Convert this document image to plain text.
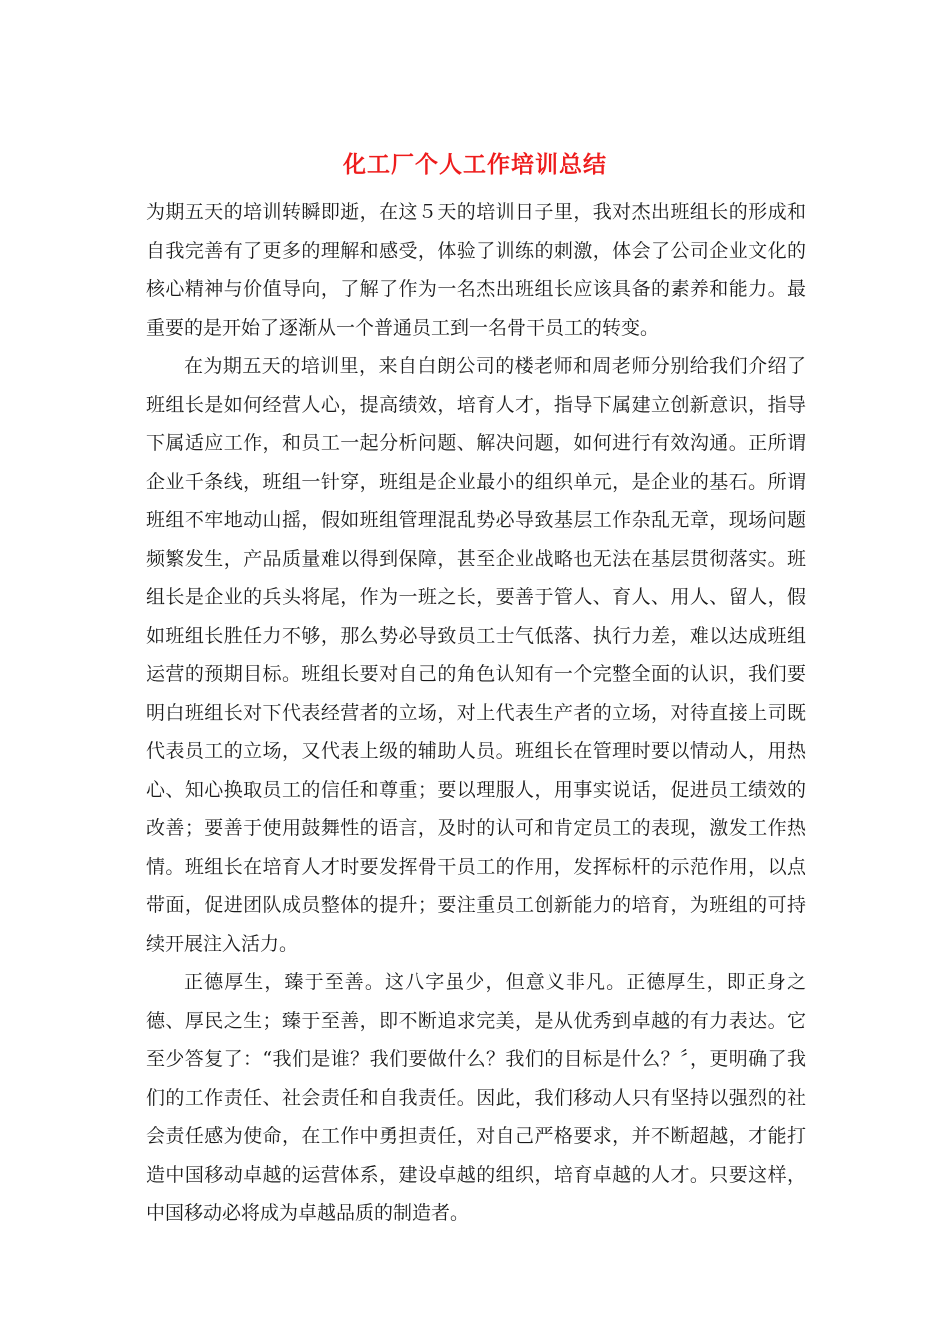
化工厂个人工作培训总结

为期五天的培训转瞬即逝，在这５天的培训日子里，我对杰出班组长的形成和自我完善有了更多的理解和感受，体验了训练的刺激，体会了公司企业文化的核心精神与价值导向，了解了作为一名杰出班组长应该具备的素养和能力。最重要的是开始了逐渐从一个普通员工到一名骨干员工的转变。

在为期五天的培训里，来自白朗公司的楼老师和周老师分别给我们介绍了班组长是如何经营人心，提高绩效，培育人才，指导下属建立创新意识，指导下属适应工作，和员工一起分析问题、解决问题，如何进行有效沟通。正所谓企业千条线，班组一针穿，班组是企业最小的组织单元，是企业的基石。所谓班组不牢地动山摇，假如班组管理混乱势必导致基层工作杂乱无章，现场问题频繁发生，产品质量难以得到保障，甚至企业战略也无法在基层贯彻落实。班组长是企业的兵头将尾，作为一班之长，要善于管人、育人、用人、留人，假如班组长胜任力不够，那么势必导致员工士气低落、执行力差，难以达成班组运营的预期目标。班组长要对自己的角色认知有一个完整全面的认识，我们要明白班组长对下代表经营者的立场，对上代表生产者的立场，对待直接上司既代表员工的立场，又代表上级的辅助人员。班组长在管理时要以情动人，用热心、知心换取员工的信任和尊重；要以理服人，用事实说话，促进员工绩效的改善；要善于使用鼓舞性的语言，及时的认可和肯定员工的表现，激发工作热情。班组长在培育人才时要发挥骨干员工的作用，发挥标杆的示范作用，以点带面，促进团队成员整体的提升；要注重员工创新能力的培育，为班组的可持续开展注入活力。

正德厚生，臻于至善。这八字虽少，但意义非凡。正德厚生，即正身之德、厚民之生；臻于至善，即不断追求完美，是从优秀到卓越的有力表达。它至少答复了：“我们是谁？我们要做什么？我们的目标是什么？〞，更明确了我们的工作责任、社会责任和自我责任。因此，我们移动人只有坚持以强烈的社会责任感为使命，在工作中勇担责任，对自己严格要求，并不断超越，才能打造中国移动卓越的运营体系，建设卓越的组织，培育卓越的人才。只要这样，中国移动必将成为卓越品质的制造者。
